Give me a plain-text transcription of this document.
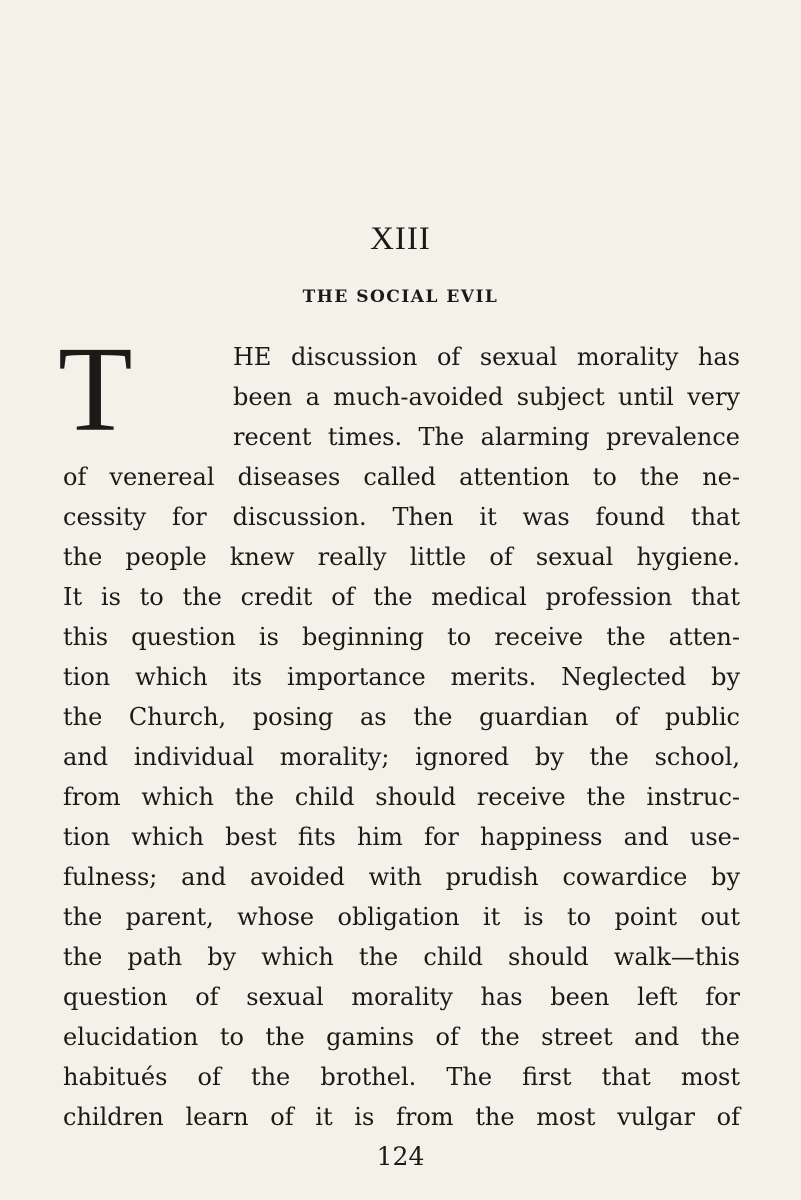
XIII
THE SOCIAL EVIL
T	HE discussion of sexual morality has
been a much-avoided subject until very
recent times. The alarming prevalence
of venereal diseases called attention to the ne-
cessity for discussion. Then it was found that
the people knew really little of sexual hygiene.
It is to the credit of the medical profession that
this question is beginning to receive the atten-
tion which its importance merits. Neglected by
the Church, posing as the guardian of public
and individual morality; ignored by the school,
from which the child should receive the instruc-
tion which best fits him for happiness and use-
fulness; and avoided with prudish cowardice by
the parent, whose obligation it is to point out
the path by which the child should walk—this
question of sexual morality has been left for
elucidation to the gamins of the street and the
habitués of the brothel. The first that most
children learn of it is from the most vulgar of
124
